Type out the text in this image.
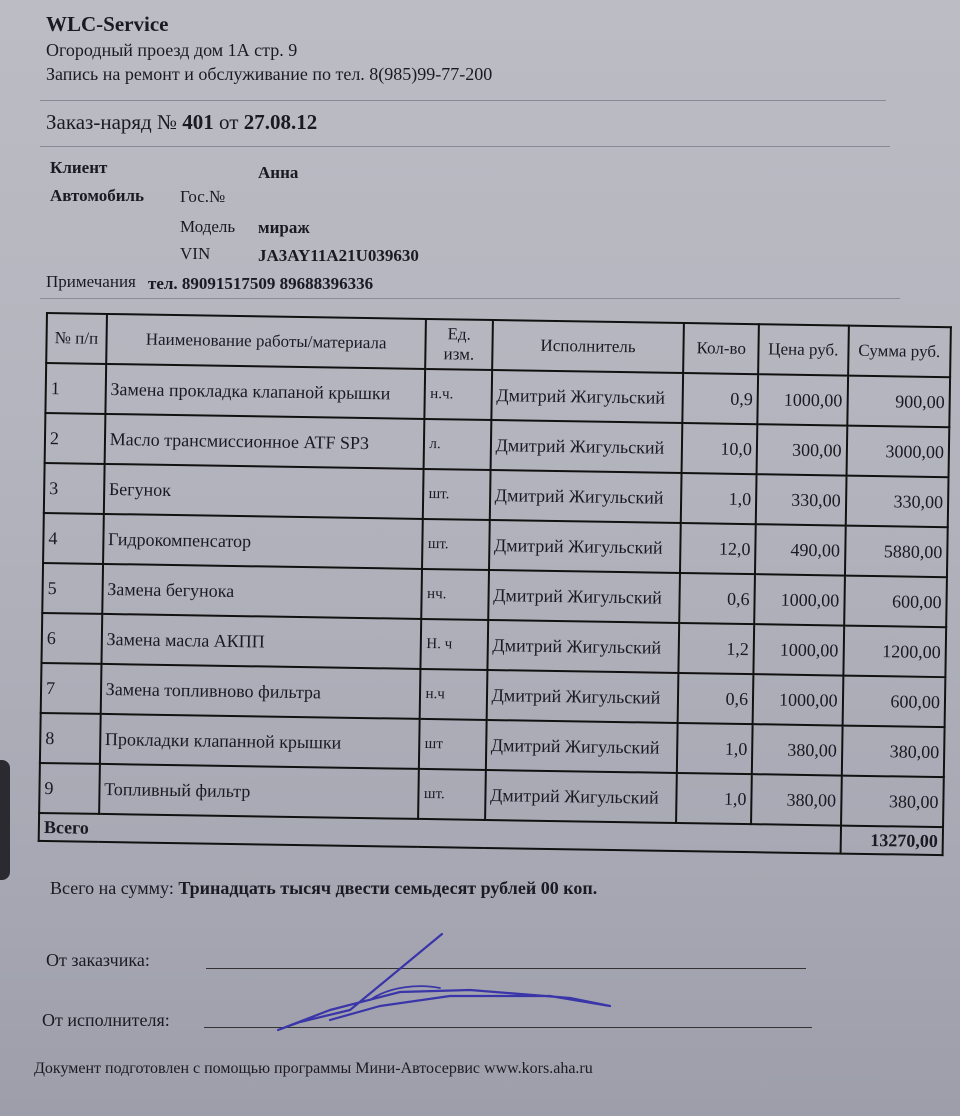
WLC-Service
Огородный проезд дом 1А стр. 9
Запись на ремонт и обслуживание по тел. 8(985)99-77-200
Заказ-наряд № 401 от 27.08.12
Клиент	Анна
Автомобиль Гос.№
Модель мираж
VIN	JA3AY11A21U039630
Примечания тел. 89091517509 89688396336
№ п/п	Наименование работы/материала	Ед. изм.	Исполнитель	Кол-во	Цена руб.	Сумма руб.
1	Замена прокладка клапаной крышки	н.ч.	Дмитрий Жигульский	0,9	1000,00	900,00
2	Масло трансмиссионное ATF SP3	л.	Дмитрий Жигульский	10,0	300,00	3000,00
3	Бегунок	шт.	Дмитрий Жигульский	1,0	330,00	330,00
4	Гидрокомпенсатор	шт.	Дмитрий Жигульский	12,0	490,00	5880,00
5	Замена бегунока	нч.	Дмитрий Жигульский	0,6	1000,00	600,00
6	Замена масла АКПП	Н. ч	Дмитрий Жигульский	1,2	1000,00	1200,00
7	Замена топливново фильтра	н.ч	Дмитрий Жигульский	0,6	1000,00	600,00
8	Прокладки клапанной крышки	шт	Дмитрий Жигульский	1,0	380,00	380,00
9	Топливный фильтр	шт.	Дмитрий Жигульский	1,0	380,00	380,00
Всего						13270,00
Всего на сумму: Тринадцать тысяч двести семьдесят рублей 00 коп.
От заказчика:
От исполнителя:
Документ подготовлен с помощью программы Мини-Автосервис www.kors.aha.ru
